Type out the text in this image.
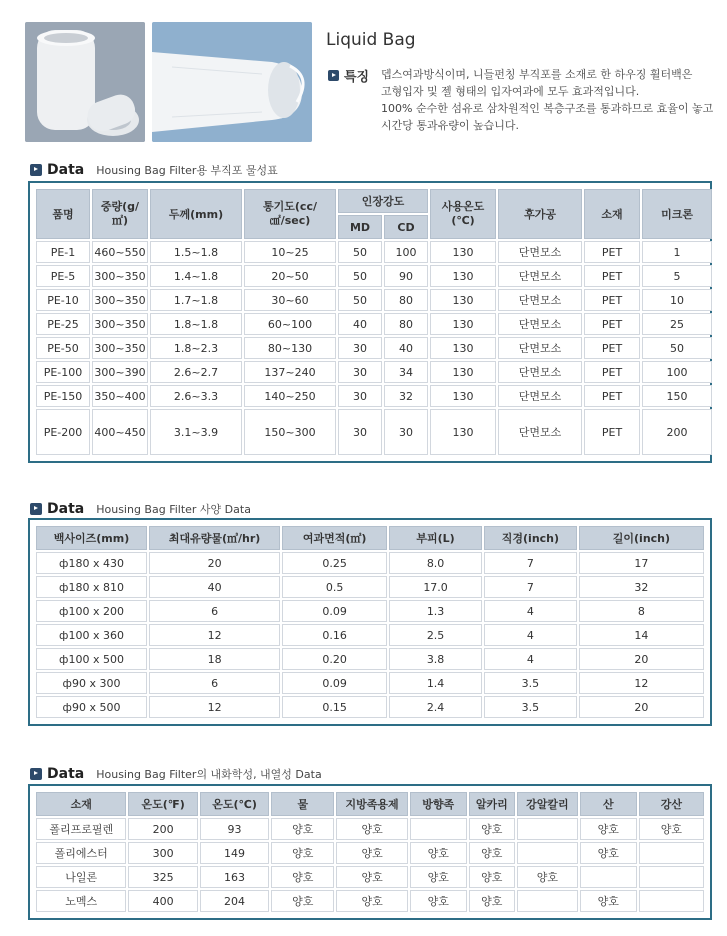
Liquid Bag
특징 뎁스여과방식이며, 니들펀칭 부직포를 소재로 한 하우징 휠터백은
고형입자 및 젤 형태의 입자여과에 모두 효과적입니다.
100% 순수한 섬유로 삼차원적인 복층구조를 통과하므로 효율이 놓고
시간당 통과유량이 높습니다.
Data Housing Bag Filter용 부직포 물성표
품명	중량(g/㎡)	두께(mm)	통기도(cc/㎠/sec)	인장강도		사용온도(℃)	후가공	소재	미크론
				MD	CD				
PE-1	460~550	1.5~1.8	10~25	50	100	130	단면모소	PET	1
PE-5	300~350	1.4~1.8	20~50	50	90	130	단면모소	PET	5
PE-10	300~350	1.7~1.8	30~60	50	80	130	단면모소	PET	10
PE-25	300~350	1.8~1.8	60~100	40	80	130	단면모소	PET	25
PE-50	300~350	1.8~2.3	80~130	30	40	130	단면모소	PET	50
PE-100	300~390	2.6~2.7	137~240	30	34	130	단면모소	PET	100
PE-150	350~400	2.6~3.3	140~250	30	32	130	단면모소	PET	150
PE-200	400~450	3.1~3.9	150~300	30	30	130	단면모소	PET	200
Data Housing Bag Filter 사양 Data
백사이즈(mm)	최대유량물(㎥/hr)	여과면적(㎡)	부피(L)	직경(inch)	길이(inch)
ф180 x 430	20	0.25	8.0	7	17
ф180 x 810	40	0.5	17.0	7	32
ф100 x 200	6	0.09	1.3	4	8
ф100 x 360	12	0.16	2.5	4	14
ф100 x 500	18	0.20	3.8	4	20
ф90 x 300	6	0.09	1.4	3.5	12
ф90 x 500	12	0.15	2.4	3.5	20
Data Housing Bag Filter의 내화학성, 내열성 Data
소재	온도(℉)	온도(℃)	물	지방족용제	방향족	알카리	강알칼리	산	강산
폴리프로필렌	200	93	양호	양호		양호		양호	양호
폴리에스터	300	149	양호	양호	양호	양호		양호	
나일론	325	163	양호	양호	양호	양호	양호		
노멕스	400	204	양호	양호	양호	양호		양호	
